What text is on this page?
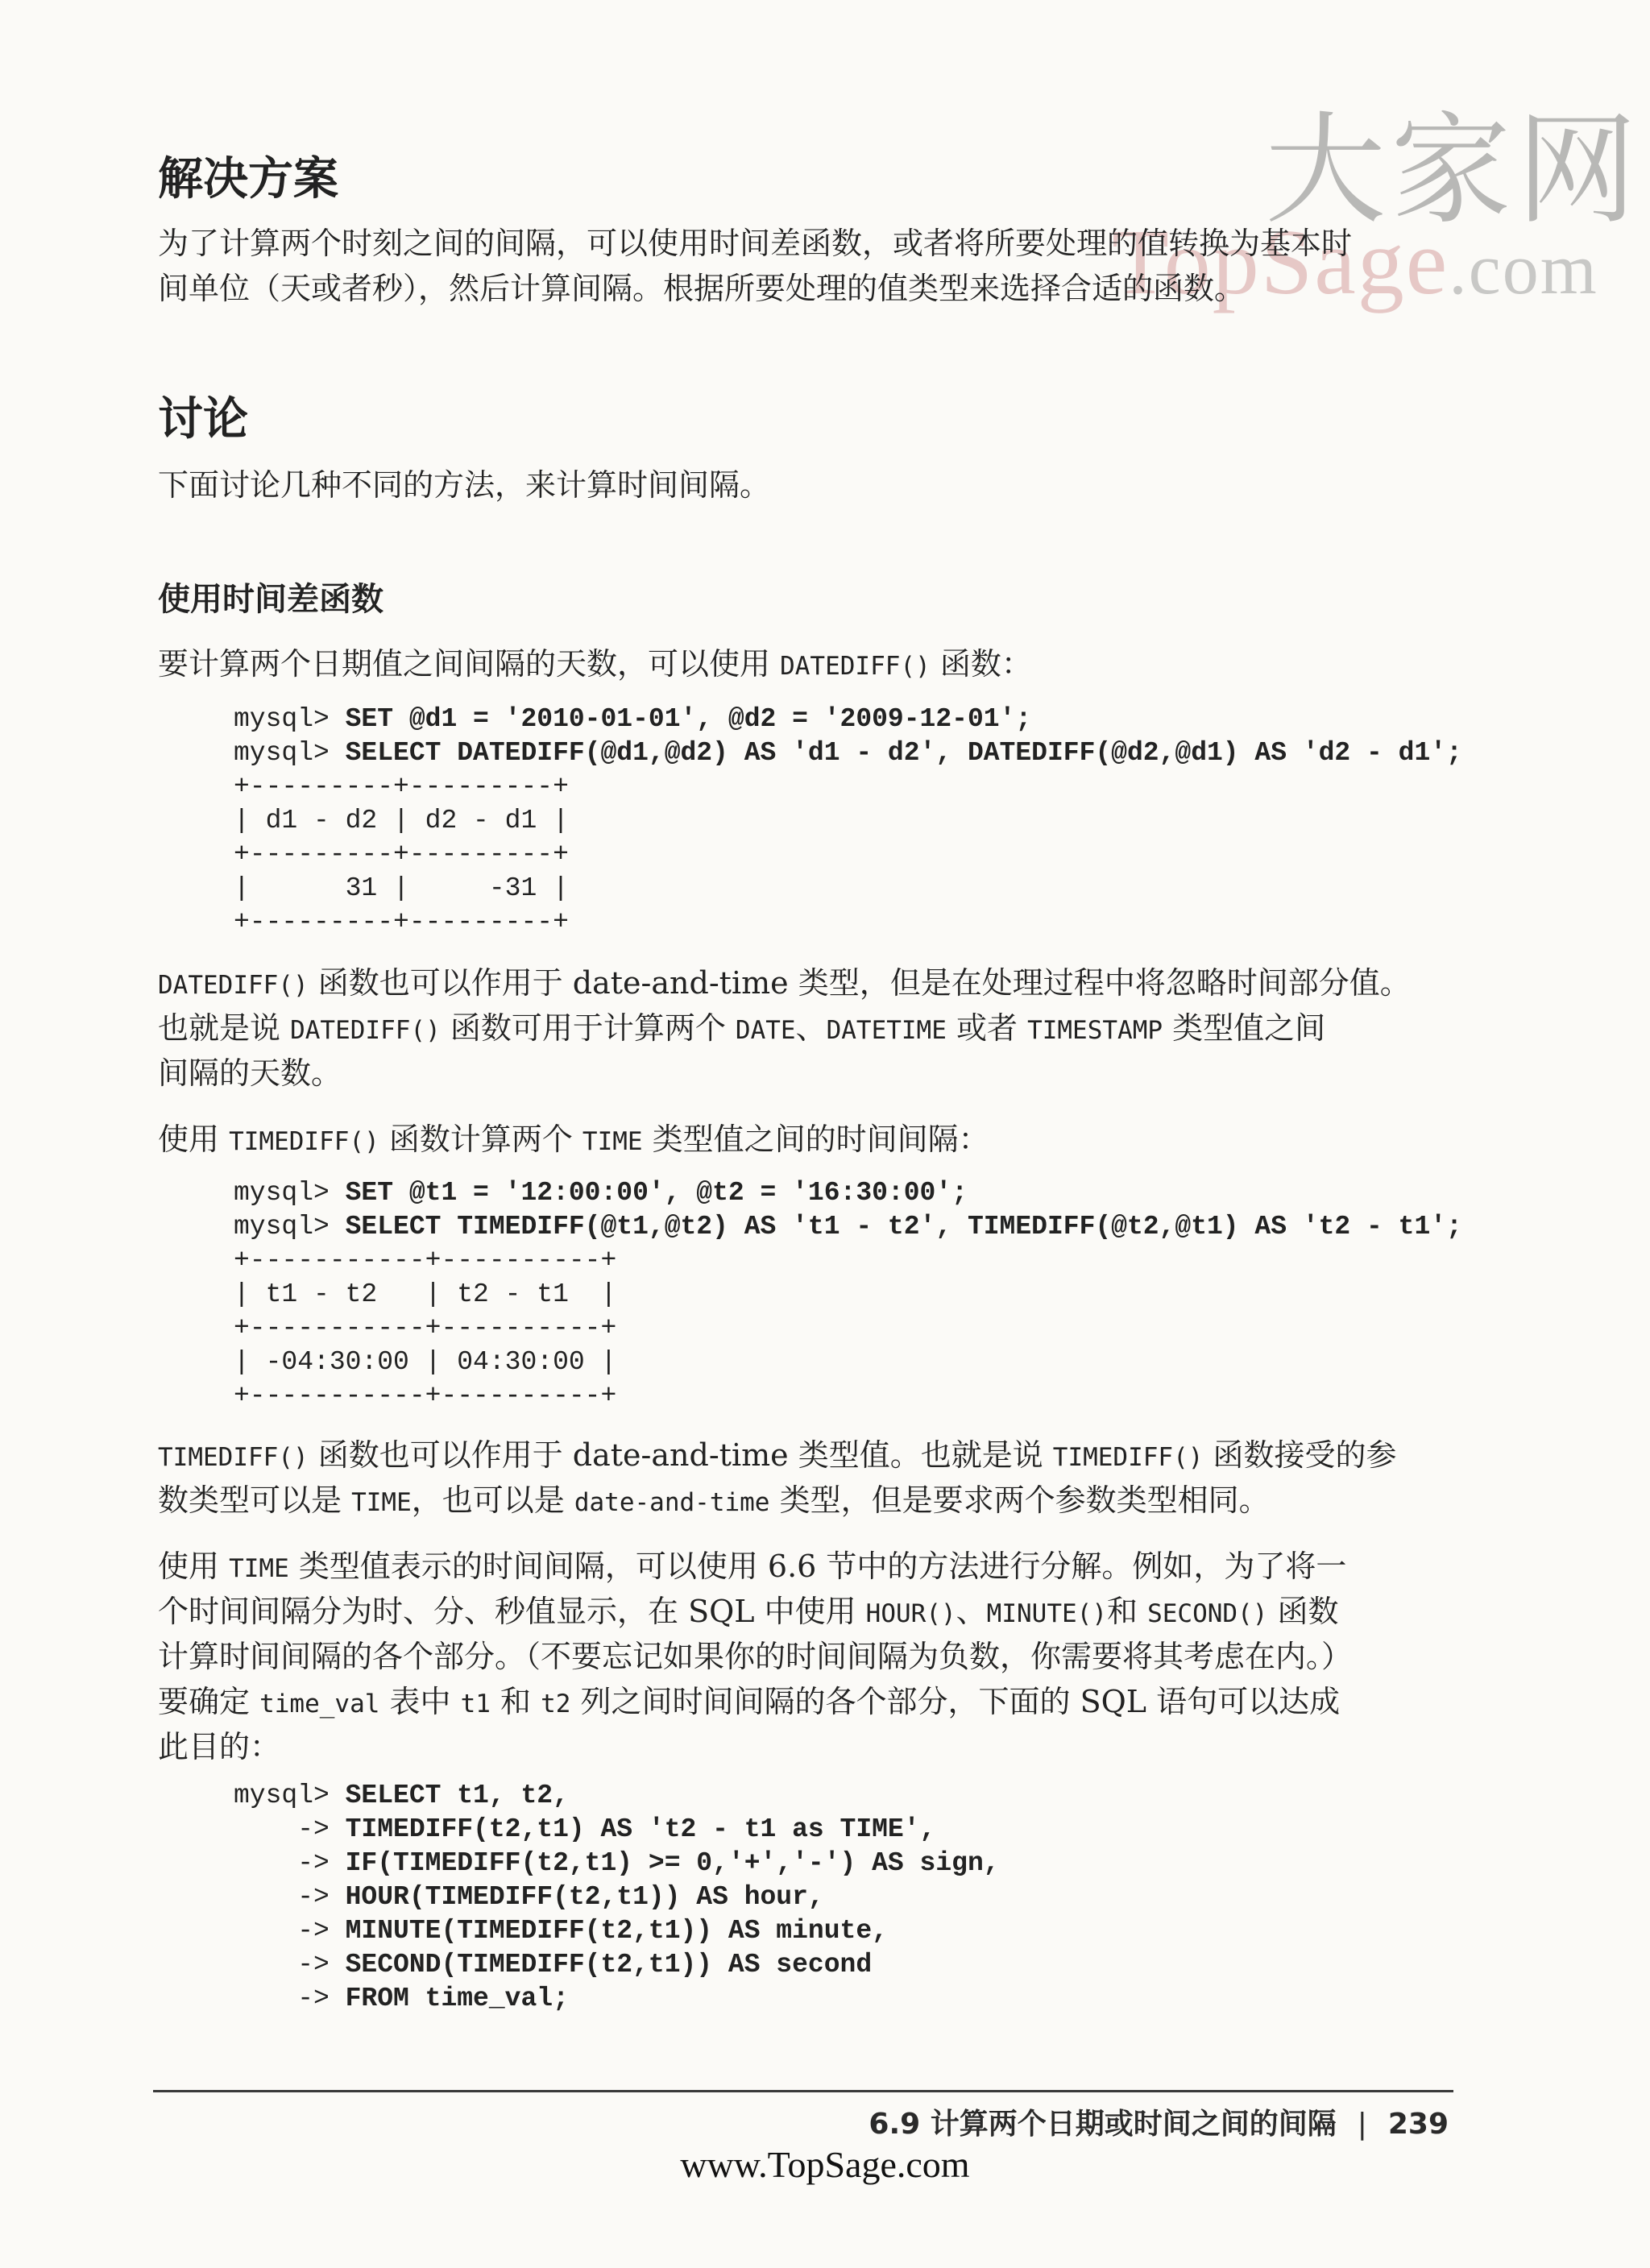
大家网
TopSage.com
解决方案
为了计算两个时刻之间的间隔，可以使用时间差函数，或者将所要处理的值转换为基本时
间单位（天或者秒），然后计算间隔。根据所要处理的值类型来选择合适的函数。
讨论
下面讨论几种不同的方法，来计算时间间隔。
使用时间差函数
要计算两个日期值之间间隔的天数，可以使用 DATEDIFF() 函数：
mysql> SET @d1 = '2010-01-01', @d2 = '2009-12-01';
mysql> SELECT DATEDIFF(@d1,@d2) AS 'd1 - d2', DATEDIFF(@d2,@d1) AS 'd2 - d1';
+---------+---------+
| d1 - d2 | d2 - d1 |
+---------+---------+
|      31 |     -31 |
+---------+---------+
DATEDIFF() 函数也可以作用于 date-and-time 类型，但是在处理过程中将忽略时间部分值。
也就是说 DATEDIFF() 函数可用于计算两个 DATE、DATETIME 或者 TIMESTAMP 类型值之间
间隔的天数。
使用 TIMEDIFF() 函数计算两个 TIME 类型值之间的时间间隔：
mysql> SET @t1 = '12:00:00', @t2 = '16:30:00';
mysql> SELECT TIMEDIFF(@t1,@t2) AS 't1 - t2', TIMEDIFF(@t2,@t1) AS 't2 - t1';
+-----------+----------+
| t1 - t2   | t2 - t1  |
+-----------+----------+
| -04:30:00 | 04:30:00 |
+-----------+----------+
TIMEDIFF() 函数也可以作用于 date-and-time 类型值。也就是说 TIMEDIFF() 函数接受的参
数类型可以是 TIME，也可以是 date-and-time 类型，但是要求两个参数类型相同。
使用 TIME 类型值表示的时间间隔，可以使用 6.6 节中的方法进行分解。例如，为了将一
个时间间隔分为时、分、秒值显示，在 SQL 中使用 HOUR()、MINUTE()和 SECOND() 函数
计算时间间隔的各个部分。（不要忘记如果你的时间间隔为负数，你需要将其考虑在内。）
要确定 time_val 表中 t1 和 t2 列之间时间间隔的各个部分，下面的 SQL 语句可以达成
此目的：
mysql> SELECT t1, t2,
-> TIMEDIFF(t2,t1) AS 't2 - t1 as TIME',
-> IF(TIMEDIFF(t2,t1) >= 0,'+','-') AS sign,
-> HOUR(TIMEDIFF(t2,t1)) AS hour,
-> MINUTE(TIMEDIFF(t2,t1)) AS minute,
-> SECOND(TIMEDIFF(t2,t1)) AS second
-> FROM time_val;
6.9 计算两个日期或时间之间的间隔 | 239
www.TopSage.com
